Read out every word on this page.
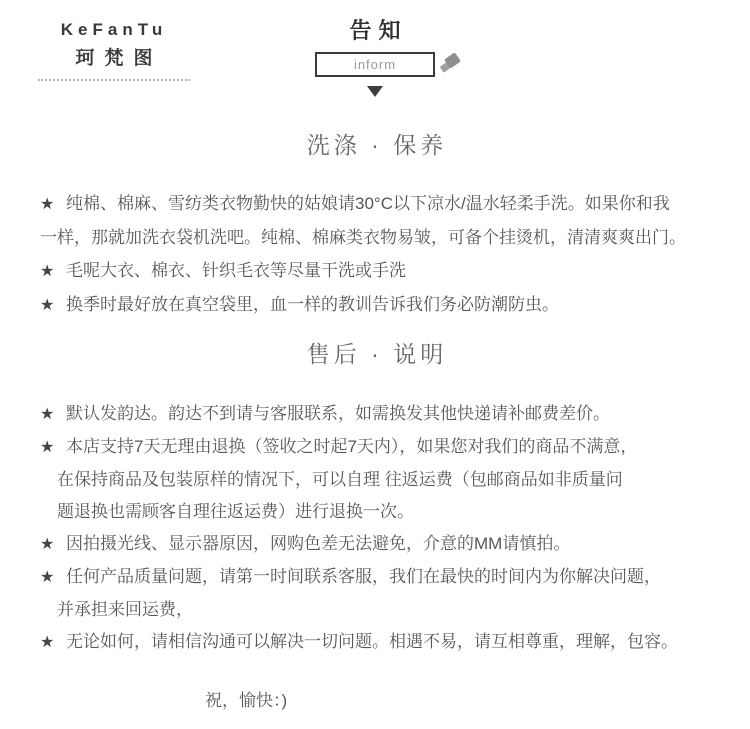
KeFanTu
珂梵图
告知
inform
洗涤 · 保养
★ 纯棉、棉麻、雪纺类衣物勤快的姑娘请30°C以下凉水/温水轻柔手洗。如果你和我
一样，那就加洗衣袋机洗吧。纯棉、棉麻类衣物易皱，可备个挂烫机，清清爽爽出门。
★ 毛呢大衣、棉衣、针织毛衣等尽量干洗或手洗
★ 换季时最好放在真空袋里，血一样的教训告诉我们务必防潮防虫。
售后 · 说明
★ 默认发韵达。韵达不到请与客服联系，如需换发其他快递请补邮费差价。
★ 本店支持7天无理由退换（签收之时起7天内），如果您对我们的商品不满意，
在保持商品及包装原样的情况下，可以自理 往返运费（包邮商品如非质量问
题退换也需顾客自理往返运费）进行退换一次。
★ 因拍摄光线、显示器原因，网购色差无法避免，介意的MM请慎拍。
★ 任何产品质量问题，请第一时间联系客服，我们在最快的时间内为你解决问题，
并承担来回运费，
★ 无论如何，请相信沟通可以解决一切问题。相遇不易，请互相尊重，理解，包容。
祝，愉快：)
